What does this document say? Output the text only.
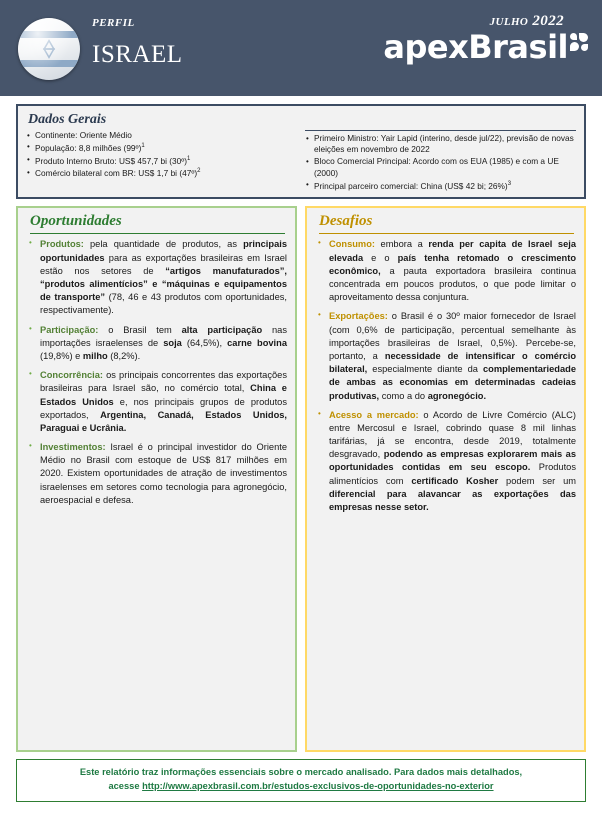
perfil
israel
julho 2022
apexBrasil
Dados Gerais
• Continente: Oriente Médio
• População: 8,8 milhões (99º)$^1$
• Produto Interno Bruto: US$ 457,7 bi (30º)$^1$
• Comércio bilateral com BR: US$ 1,7 bi (47º)$^2$
• Primeiro Ministro: Yair Lapid (interino, desde jul/22), previsão de novas eleições em novembro de 2022
• Bloco Comercial Principal: Acordo com os EUA (1985) e com a UE (2000)
• Principal parceiro comercial: China (US$ 42 bi; 26%)$^3$
Oportunidades
• Produtos: pela quantidade de produtos, as principais oportunidades para as exportações brasileiras em Israel estão nos setores de “artigos manufaturados”, “produtos alimentícios” e “máquinas e equipamentos de transporte” (78, 46 e 43 produtos com oportunidades, respectivamente).
• Participação: o Brasil tem alta participação nas importações israelenses de soja (64,5%), carne bovina (19,8%) e milho (8,2%).
• Concorrência: os principais concorrentes das exportações brasileiras para Israel são, no comércio total, China e Estados Unidos e, nos principais grupos de produtos exportados, Argentina, Canadá, Estados Unidos, Paraguai e Ucrânia.
• Investimentos: Israel é o principal investidor do Oriente Médio no Brasil com estoque de US$ 817 milhões em 2020. Existem oportunidades de atração de investimentos israelenses em setores como tecnologia para agronegócio, aeroespacial e defesa.
Desafios
• Consumo: embora a renda per capita de Israel seja elevada e o país tenha retomado o crescimento econômico, a pauta exportadora brasileira continua concentrada em poucos produtos, o que pode limitar o aproveitamento dessa conjuntura.
• Exportações: o Brasil é o 30º maior fornecedor de Israel (com 0,6% de participação, percentual semelhante às importações brasileiras de Israel, 0,5%). Percebe-se, portanto, a necessidade de intensificar o comércio bilateral, especialmente diante da complementariedade de ambas as economias em determinadas cadeias produtivas, como a do agronegócio.
• Acesso a mercado: o Acordo de Livre Comércio (ALC) entre Mercosul e Israel, cobrindo quase 8 mil linhas tarifárias, já se encontra, desde 2019, totalmente desgravado, podendo as empresas explorarem mais as oportunidades contidas em seu escopo. Produtos alimentícios com certificado Kosher podem ser um diferencial para alavancar as exportações das empresas nesse setor.

Este relatório traz informações essenciais sobre o mercado analisado. Para dados mais detalhados,
acesse http://www.apexbrasil.com.br/estudos-exclusivos-de-oportunidades-no-exterior
